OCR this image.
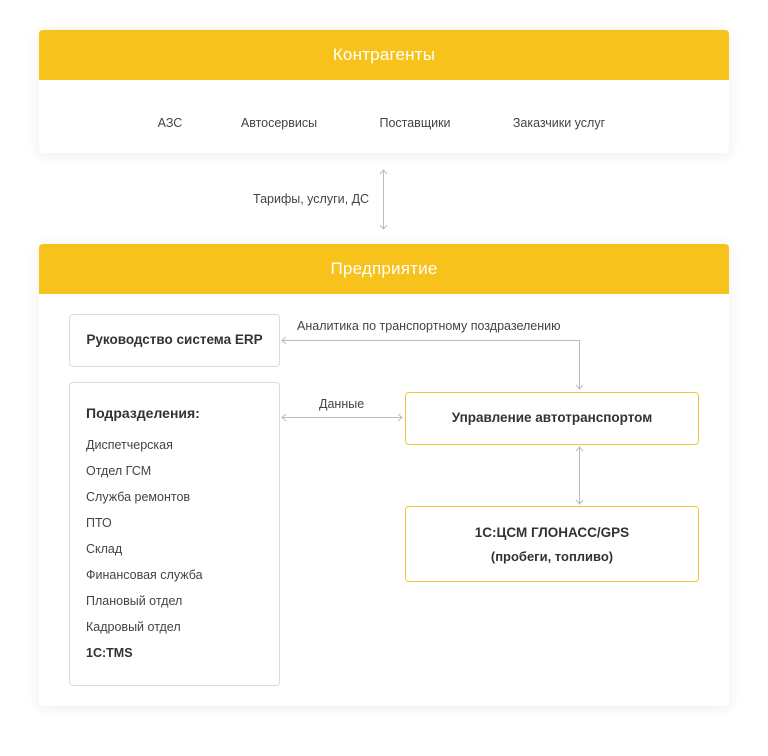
Контрагенты
АЗС	Автосервисы	Поставщики	Заказчики услуг
Предприятие
Руководство система ERP
Подразделения:
Диспетчерская
Отдел ГСМ
Служба ремонтов
ПТО
Склад
Финансовая служба
Плановый отдел
Кадровый отдел
1С:TMS
Управление автотранспортом
1С:ЦСМ ГЛОНАСС/GPS
(пробеги, топливо)
Тарифы, услуги, ДС
Аналитика по транспортному поздразелению
Данные
